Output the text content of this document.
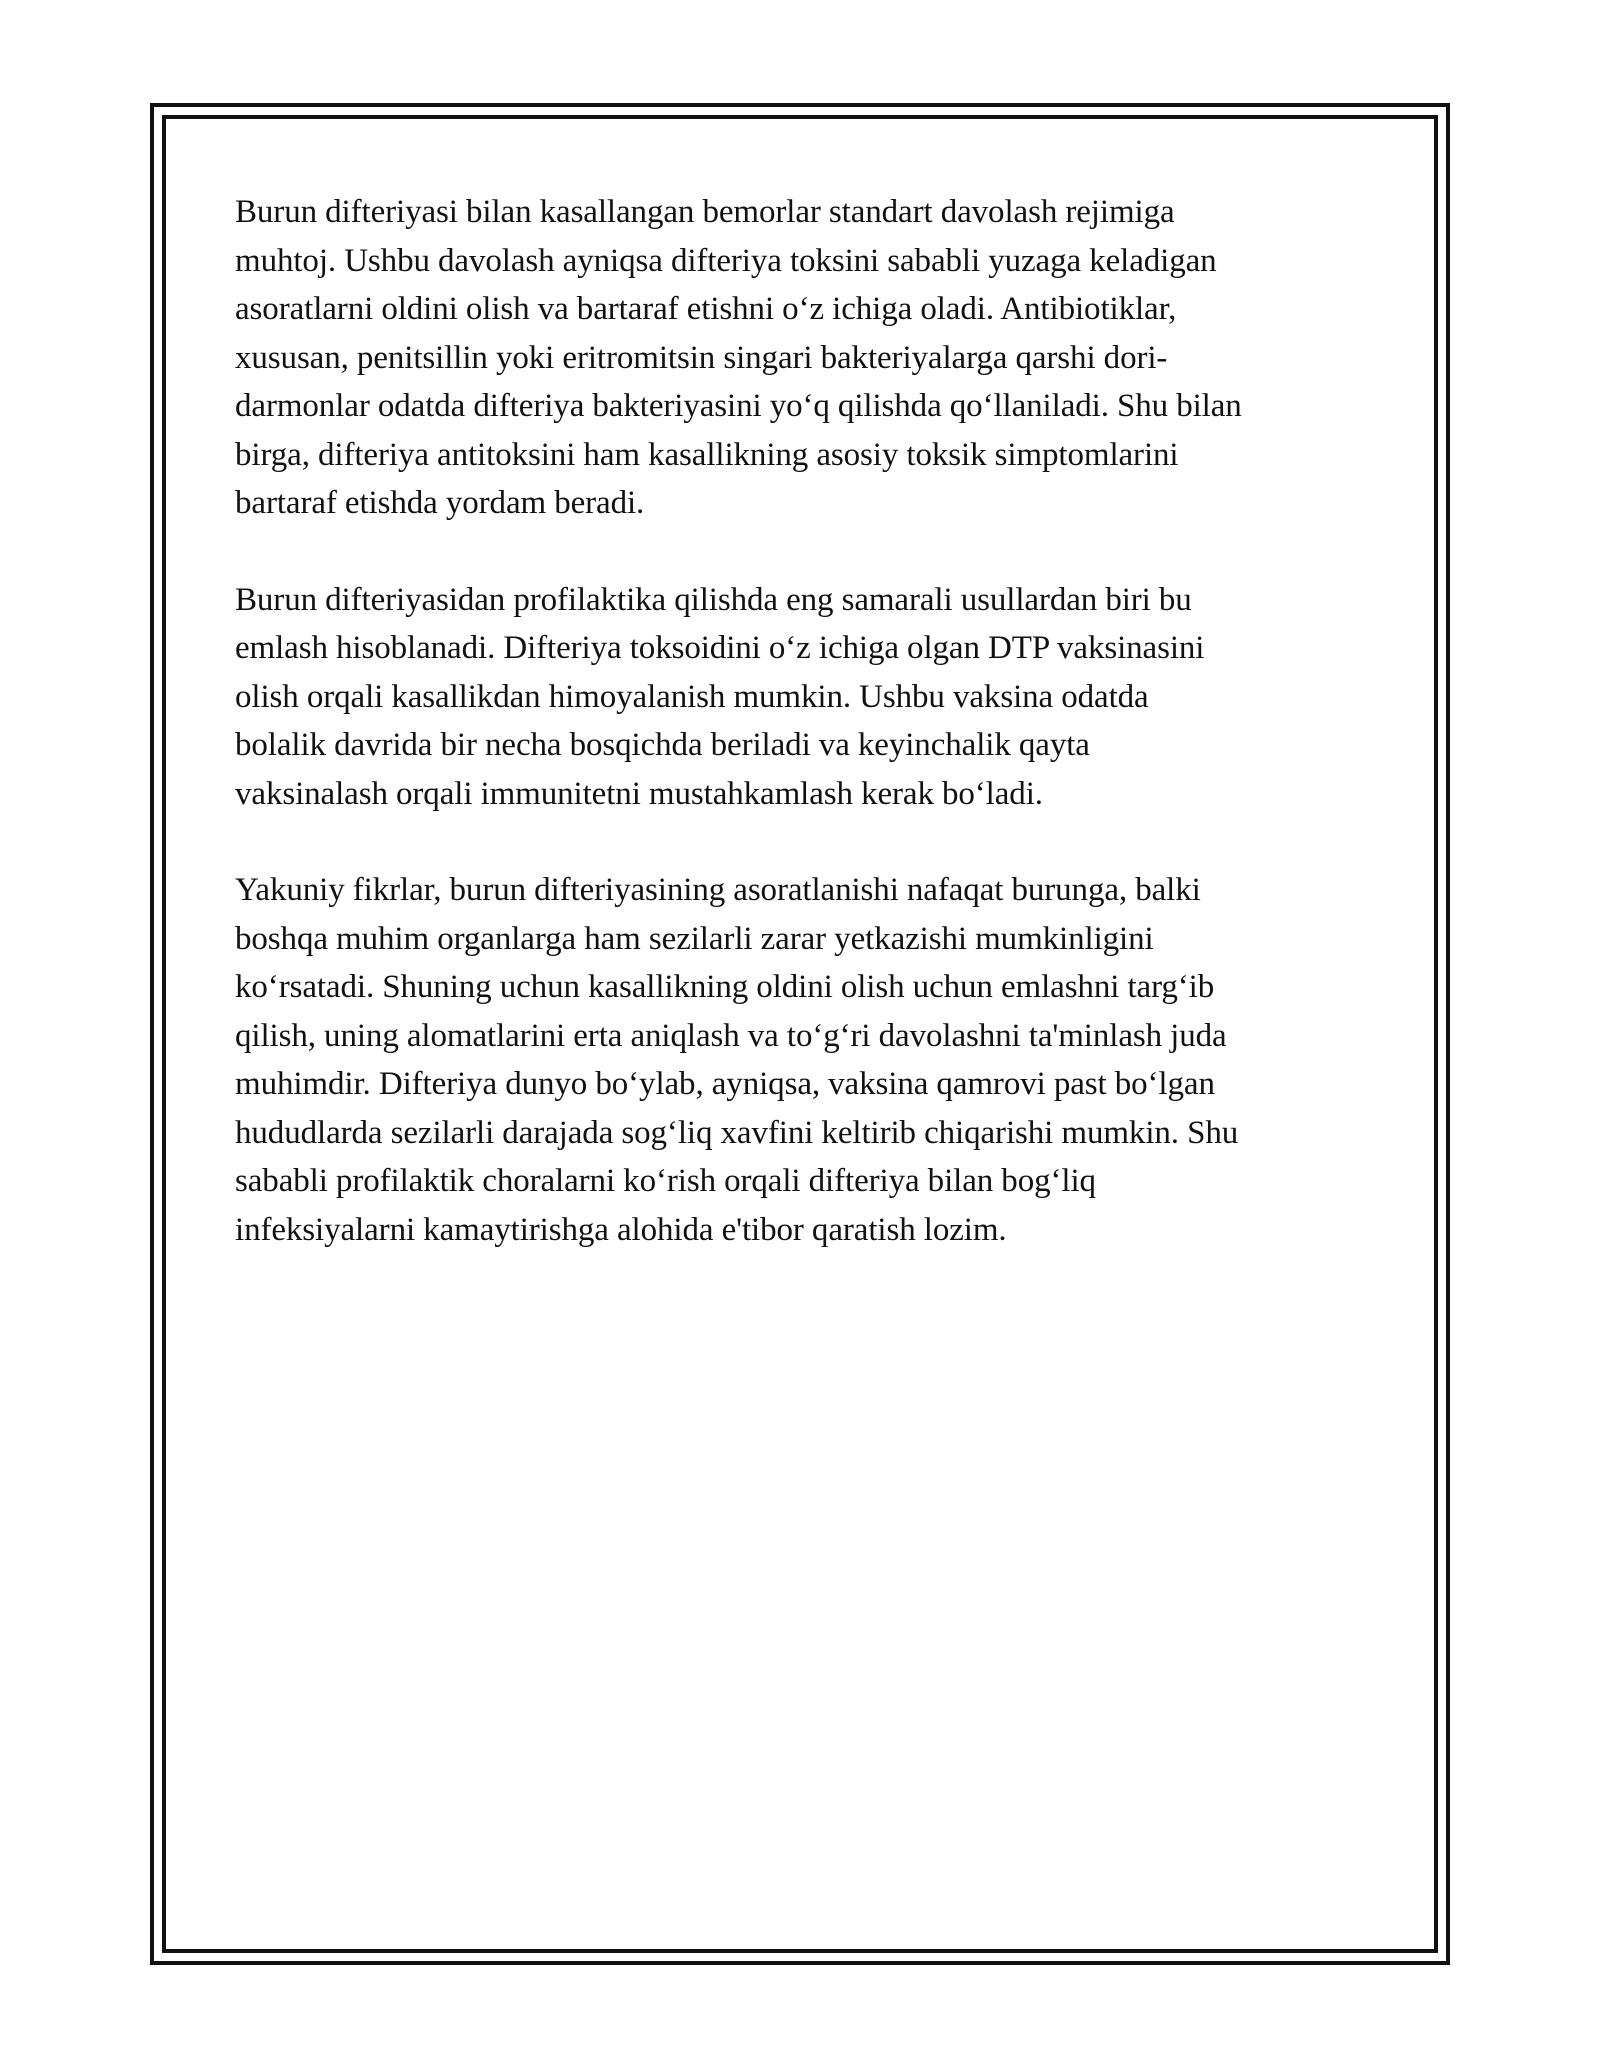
Burun difteriyasi bilan kasallangan bemorlar standart davolash rejimiga
muhtoj. Ushbu davolash ayniqsa difteriya toksini sababli yuzaga keladigan
asoratlarni oldini olish va bartaraf etishni o‘z ichiga oladi. Antibiotiklar,
xususan, penitsillin yoki eritromitsin singari bakteriyalarga qarshi dori-
darmonlar odatda difteriya bakteriyasini yo‘q qilishda qo‘llaniladi. Shu bilan
birga, difteriya antitoksini ham kasallikning asosiy toksik simptomlarini
bartaraf etishda yordam beradi.

Burun difteriyasidan profilaktika qilishda eng samarali usullardan biri bu
emlash hisoblanadi. Difteriya toksoidini o‘z ichiga olgan DTP vaksinasini
olish orqali kasallikdan himoyalanish mumkin. Ushbu vaksina odatda
bolalik davrida bir necha bosqichda beriladi va keyinchalik qayta
vaksinalash orqali immunitetni mustahkamlash kerak bo‘ladi.

Yakuniy fikrlar, burun difteriyasining asoratlanishi nafaqat burunga, balki
boshqa muhim organlarga ham sezilarli zarar yetkazishi mumkinligini
ko‘rsatadi. Shuning uchun kasallikning oldini olish uchun emlashni targ‘ib
qilish, uning alomatlarini erta aniqlash va to‘g‘ri davolashni ta'minlash juda
muhimdir. Difteriya dunyo bo‘ylab, ayniqsa, vaksina qamrovi past bo‘lgan
hududlarda sezilarli darajada sog‘liq xavfini keltirib chiqarishi mumkin. Shu
sababli profilaktik choralarni ko‘rish orqali difteriya bilan bog‘liq
infeksiyalarni kamaytirishga alohida e'tibor qaratish lozim.
